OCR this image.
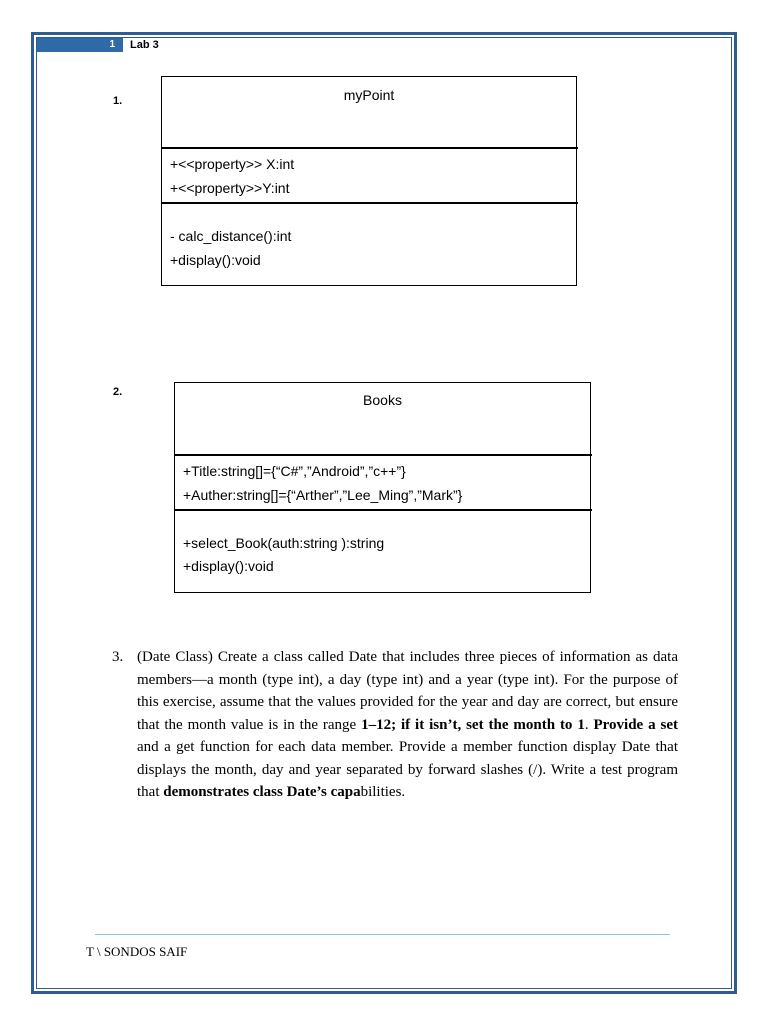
1	Lab 3
1.	myPoint
+<<property>> X:int
+<<property>>Y:int
- calc_distance():int
+display():void
2.	Books
+Title:string[]={“C#”,”Android”,”c++”}
+Auther:string[]={“Arther”,”Lee_Ming”,”Mark”}
+select_Book(auth:string ):string
+display():void
3. (Date Class) Create a class called Date that includes three pieces of information as data members—a month (type int), a day (type int) and a year (type int). For the purpose of this exercise, assume that the values provided for the year and day are correct, but ensure that the month value is in the range 1–12; if it isn’t, set the month to 1. Provide a set and a get function for each data member. Provide a member function display Date that displays the month, day and year separated by forward slashes (/). Write a test program that demonstrates class Date’s capabilities.

T \ SONDOS SAIF
